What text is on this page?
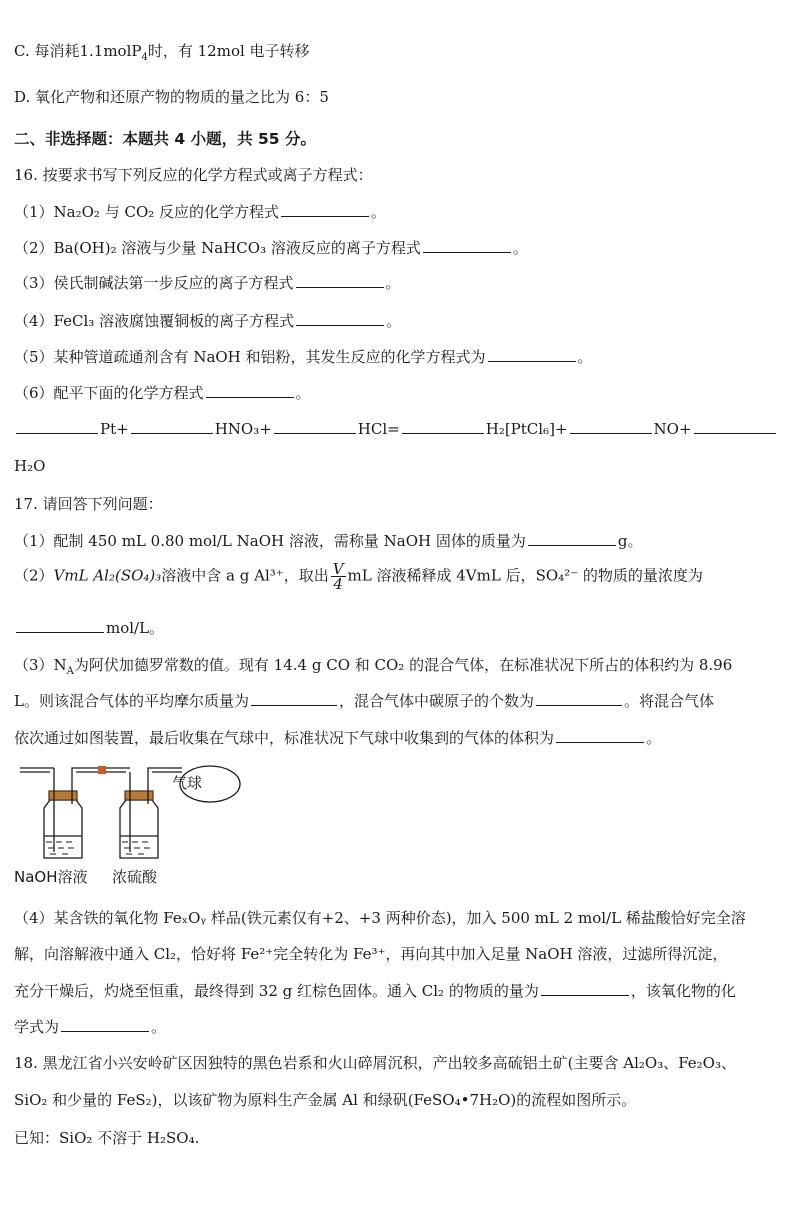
C. 每消耗1.1molP$_4$时，有 12mol 电子转移
D. 氧化产物和还原产物的物质的量之比为 6：5
二、非选择题：本题共 4 小题，共 55 分。
16. 按要求书写下列反应的化学方程式或离子方程式：
（1）Na₂O₂ 与 CO₂ 反应的化学方程式	。
（2）Ba(OH)₂ 溶液与少量 NaHCO₃ 溶液反应的离子方程式	。
（3）侯氏制碱法第一步反应的离子方程式	。
（4）FeCl₃ 溶液腐蚀覆铜板的离子方程式	。
（5）某种管道疏通剂含有 NaOH 和铝粉，其发生反应的化学方程式为	。
（6）配平下面的化学方程式	。
Pt+	HNO₃+	HCl=	H₂[PtCl₆]+	NO+
H₂O
17. 请回答下列问题：
（1）配制 450 mL 0.80 mol/L NaOH 溶液，需称量 NaOH 固体的质量为	g。
（2）VmL Al₂(SO₄)₃溶液中含 a g Al³⁺，取出 $\frac{V}{4}$ mL 溶液稀释成 4VmL 后，SO₄²⁻ 的物质的量浓度为
mol/L。
$(3)N_A$为阿伏加德罗常数的值。现有 14.4 g CO 和 CO₂ 的混合气体，在标准状况下所占的体积约为 8.96
L。则该混合气体的平均摩尔质量为	，混合气体中碳原子的个数为	。将混合气体
依次通过如图装置，最后收集在气球中，标准状况下气球中收集到的气体的体积为	。
气球
NaOH溶液 浓硫酸
（4）某含铁的氧化物 FeₓOᵧ 样品(铁元素仅有+2、+3 两种价态)，加入 500 mL 2 mol/L 稀盐酸恰好完全溶
解，向溶解液中通入 Cl₂，恰好将 Fe²⁺完全转化为 Fe³⁺，再向其中加入足量 NaOH 溶液，过滤所得沉淀，
充分干燥后，灼烧至恒重，最终得到 32 g 红棕色固体。通入 Cl₂ 的物质的量为	，该氧化物的化
学式为	。
18. 黑龙江省小兴安岭矿区因独特的黑色岩系和火山碎屑沉积，产出较多高硫铝土矿(主要含 Al₂O₃、Fe₂O₃、
SiO₂ 和少量的 FeS₂)，以该矿物为原料生产金属 Al 和绿矾(FeSO₄•7H₂O)的流程如图所示。
已知：SiO₂ 不溶于 H₂SO₄.
